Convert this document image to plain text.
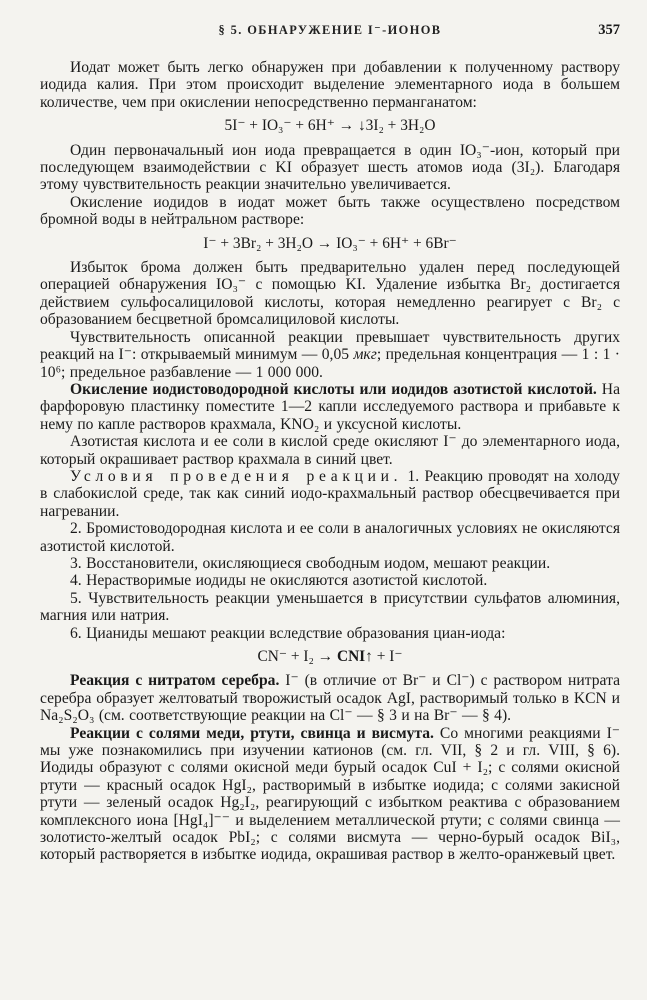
§ 5. ОБНАРУЖЕНИЕ I⁻-ИОНОВ	357

Иодат может быть легко обнаружен при добавлении к полученному раствору иодида калия. При этом происходит выделение элементарного иода в большем количестве, чем при окислении непосредственно перманганатом:

5I⁻ + IO₃⁻ + 6H⁺ → ↓3I₂ + 3H₂O

Один первоначальный ион иода превращается в один IO₃⁻-ион, который при последующем взаимодействии с KI образует шесть атомов иода (3I₂). Благодаря этому чувствительность реакции значительно увеличивается.

Окисление иодидов в иодат может быть также осуществлено посредством бромной воды в нейтральном растворе:

I⁻ + 3Br₂ + 3H₂O → IO₃⁻ + 6H⁺ + 6Br⁻

Избыток брома должен быть предварительно удален перед последующей операцией обнаружения IO₃⁻ с помощью KI. Удаление избытка Br₂ достигается действием сульфосалициловой кислоты, которая немедленно реагирует с Br₂ с образованием бесцветной бромсалициловой кислоты.

Чувствительность описанной реакции превышает чувствительность других реакций на I⁻: открываемый минимум — 0,05 мкг; предельная концентрация — 1 : 1 · 10⁶; предельное разбавление — 1 000 000.

Окисление иодистоводородной кислоты или иодидов азотистой кислотой. На фарфоровую пластинку поместите 1—2 капли исследуемого раствора и прибавьте к нему по капле растворов крахмала, KNO₂ и уксусной кислоты.

Азотистая кислота и ее соли в кислой среде окисляют I⁻ до элементарного иода, который окрашивает раствор крахмала в синий цвет.

Условия проведения реакции. 1. Реакцию проводят на холоду в слабокислой среде, так как синий иодо-крахмальный раствор обесцвечивается при нагревании.

2. Бромистоводородная кислота и ее соли в аналогичных условиях не окисляются азотистой кислотой.

3. Восстановители, окисляющиеся свободным иодом, мешают реакции.

4. Нерастворимые иодиды не окисляются азотистой кислотой.

5. Чувствительность реакции уменьшается в присутствии сульфатов алюминия, магния или натрия.

6. Цианиды мешают реакции вследствие образования циан-иода:

CN⁻ + I₂ → CNI↑ + I⁻

Реакция с нитратом серебра. I⁻ (в отличие от Br⁻ и Cl⁻) с раствором нитрата серебра образует желтоватый творожистый осадок AgI, растворимый только в KCN и Na₂S₂O₃ (см. соответствующие реакции на Cl⁻ — § 3 и на Br⁻ — § 4).

Реакции с солями меди, ртути, свинца и висмута. Со многими реакциями I⁻ мы уже познакомились при изучении катионов (см. гл. VII, § 2 и гл. VIII, § 6). Иодиды образуют с солями окисной меди бурый осадок CuI + I₂; с солями окисной ртути — красный осадок HgI₂, растворимый в избытке иодида; с солями закисной ртути — зеленый осадок Hg₂I₂, реагирующий с избытком реактива с образованием комплексного иона [HgI₄]⁻⁻ и выделением металлической ртути; с солями свинца — золотисто-желтый осадок PbI₂; с солями висмута — черно-бурый осадок BiI₃, который растворяется в избытке иодида, окрашивая раствор в желто-оранжевый цвет.
